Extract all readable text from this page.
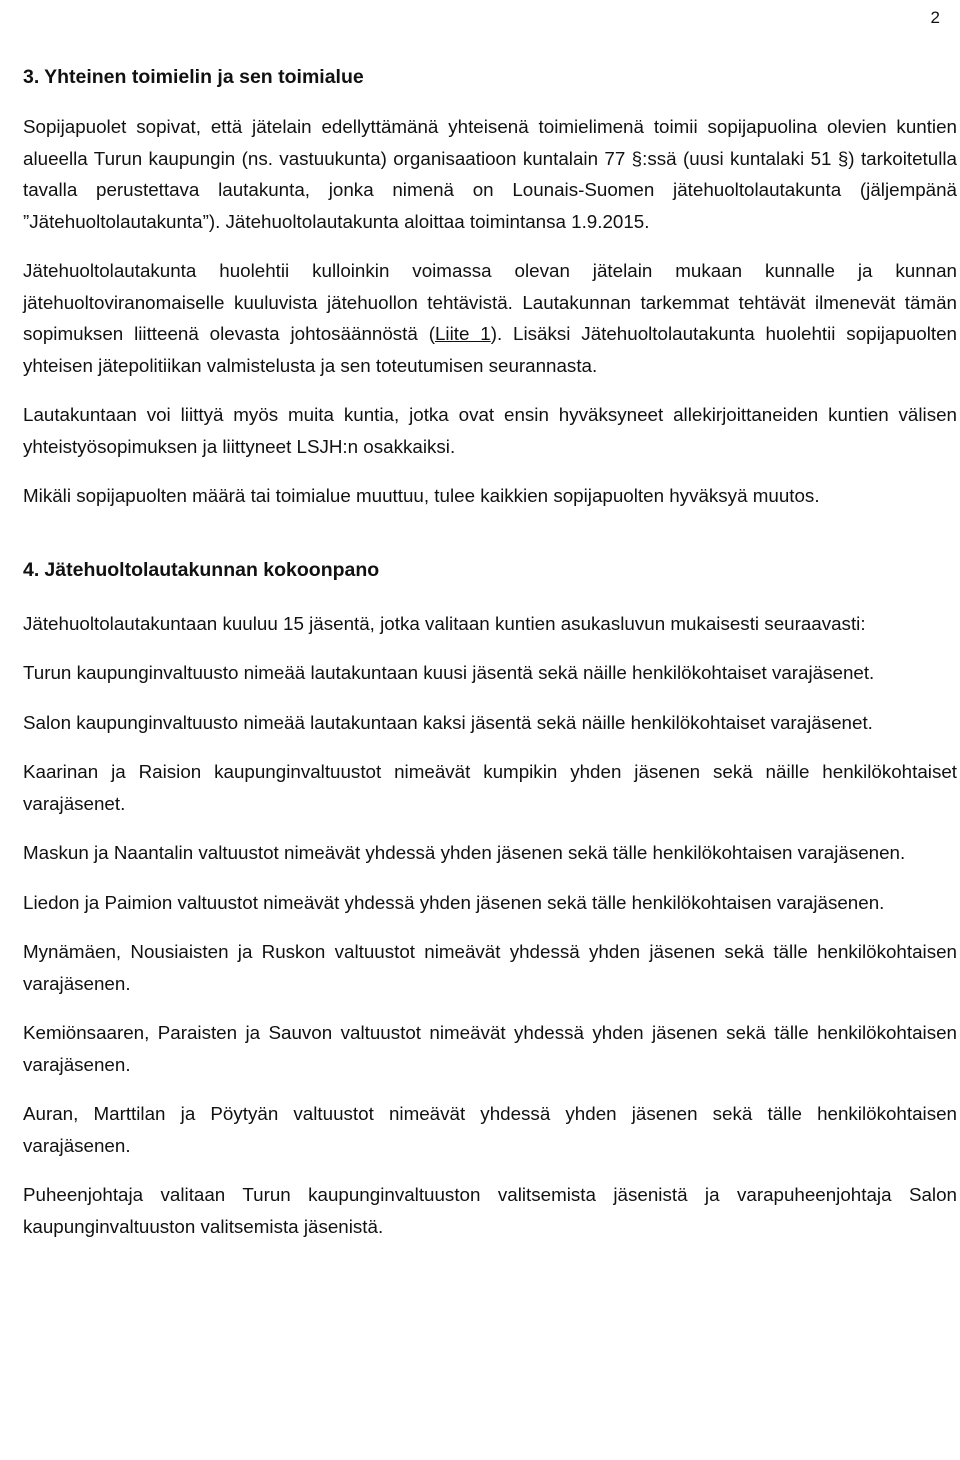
2
3. Yhteinen toimielin ja sen toimialue

Sopijapuolet sopivat, että jätelain edellyttämänä yhteisenä toimielimenä toimii sopijapuolina olevien kuntien alueella Turun kaupungin (ns. vastuukunta) organisaatioon kuntalain 77 §:ssä (uusi kuntalaki 51 §) tarkoitetulla tavalla perustettava lautakunta, jonka nimenä on Lounais-Suomen jätehuoltolautakunta (jäljempänä ”Jätehuoltolautakunta”). Jätehuoltolautakunta aloittaa toimintansa 1.9.2015.

Jätehuoltolautakunta huolehtii kulloinkin voimassa olevan jätelain mukaan kunnalle ja kunnan jätehuoltoviranomaiselle kuuluvista jätehuollon tehtävistä. Lautakunnan tarkemmat tehtävät ilmenevät tämän sopimuksen liitteenä olevasta johtosäännöstä (Liite 1). Lisäksi Jätehuoltolautakunta huolehtii sopijapuolten yhteisen jätepolitiikan valmistelusta ja sen toteutumisen seurannasta.

Lautakuntaan voi liittyä myös muita kuntia, jotka ovat ensin hyväksyneet allekirjoittaneiden kuntien välisen yhteistyösopimuksen ja liittyneet LSJH:n osakkaiksi.

Mikäli sopijapuolten määrä tai toimialue muuttuu, tulee kaikkien sopijapuolten hyväksyä muutos.

4. Jätehuoltolautakunnan kokoonpano

Jätehuoltolautakuntaan kuuluu 15 jäsentä, jotka valitaan kuntien asukasluvun mukaisesti seuraavasti:

Turun kaupunginvaltuusto nimeää lautakuntaan kuusi jäsentä sekä näille henkilökohtaiset varajäsenet.

Salon kaupunginvaltuusto nimeää lautakuntaan kaksi jäsentä sekä näille henkilökohtaiset varajäsenet.

Kaarinan ja Raision kaupunginvaltuustot nimeävät kumpikin yhden jäsenen sekä näille henkilökohtaiset varajäsenet.

Maskun ja Naantalin valtuustot nimeävät yhdessä yhden jäsenen sekä tälle henkilökohtaisen varajäsenen.

Liedon ja Paimion valtuustot nimeävät yhdessä yhden jäsenen sekä tälle henkilökohtaisen varajäsenen.

Mynämäen, Nousiaisten ja Ruskon valtuustot nimeävät yhdessä yhden jäsenen sekä tälle henkilökohtaisen varajäsenen.

Kemiönsaaren, Paraisten ja Sauvon valtuustot nimeävät yhdessä yhden jäsenen sekä tälle henkilökohtaisen varajäsenen.

Auran, Marttilan ja Pöytyän valtuustot nimeävät yhdessä yhden jäsenen sekä tälle henkilökohtaisen varajäsenen.

Puheenjohtaja valitaan Turun kaupunginvaltuuston valitsemista jäsenistä ja varapuheenjohtaja Salon kaupunginvaltuuston valitsemista jäsenistä.
